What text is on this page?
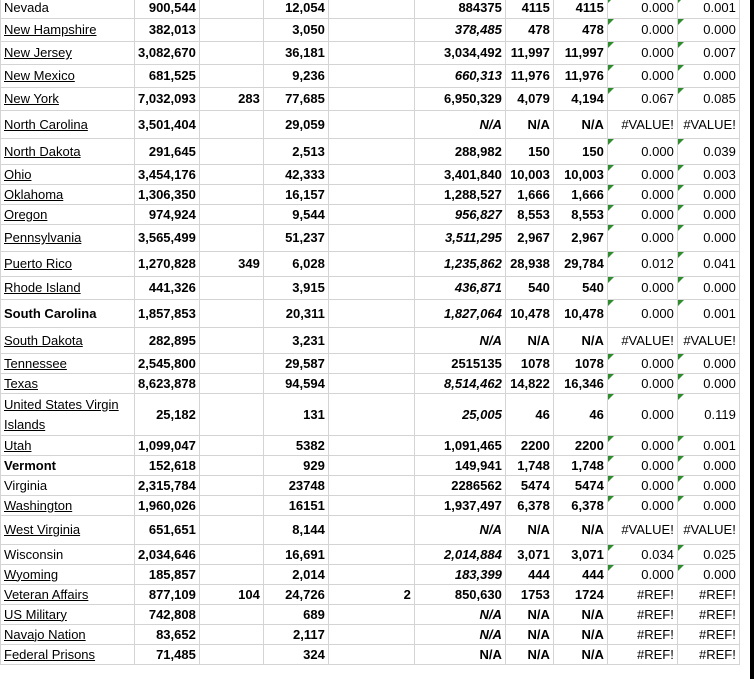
Nevada	900,544		12,054		884375	4115	4115	0.000	0.001
New Hampshire	382,013		3,050		378,485	478	478	0.000	0.000
New Jersey	3,082,670		36,181		3,034,492	11,997	11,997	0.000	0.007
New Mexico	681,525		9,236		660,313	11,976	11,976	0.000	0.000
New York	7,032,093	283	77,685		6,950,329	4,079	4,194	0.067	0.085
North Carolina	3,501,404		29,059		N/A	N/A	N/A	#VALUE!	#VALUE!
North Dakota	291,645		2,513		288,982	150	150	0.000	0.039
Ohio	3,454,176		42,333		3,401,840	10,003	10,003	0.000	0.003
Oklahoma	1,306,350		16,157		1,288,527	1,666	1,666	0.000	0.000
Oregon	974,924		9,544		956,827	8,553	8,553	0.000	0.000
Pennsylvania	3,565,499		51,237		3,511,295	2,967	2,967	0.000	0.000
Puerto Rico	1,270,828	349	6,028		1,235,862	28,938	29,784	0.012	0.041
Rhode Island	441,326		3,915		436,871	540	540	0.000	0.000
South Carolina	1,857,853		20,311		1,827,064	10,478	10,478	0.000	0.001
South Dakota	282,895		3,231		N/A	N/A	N/A	#VALUE!	#VALUE!
Tennessee	2,545,800		29,587		2515135	1078	1078	0.000	0.000
Texas	8,623,878		94,594		8,514,462	14,822	16,346	0.000	0.000
United States Virgin Islands	25,182		131		25,005	46	46	0.000	0.119
Utah	1,099,047		5382		1,091,465	2200	2200	0.000	0.001
Vermont	152,618		929		149,941	1,748	1,748	0.000	0.000
Virginia	2,315,784		23748		2286562	5474	5474	0.000	0.000
Washington	1,960,026		16151		1,937,497	6,378	6,378	0.000	0.000
West Virginia	651,651		8,144		N/A	N/A	N/A	#VALUE!	#VALUE!
Wisconsin	2,034,646		16,691		2,014,884	3,071	3,071	0.034	0.025
Wyoming	185,857		2,014		183,399	444	444	0.000	0.000
Veteran Affairs	877,109	104	24,726	2	850,630	1753	1724	#REF!	#REF!
US Military	742,808		689		N/A	N/A	N/A	#REF!	#REF!
Navajo Nation	83,652		2,117		N/A	N/A	N/A	#REF!	#REF!
Federal Prisons	71,485		324		N/A	N/A	N/A	#REF!	#REF!
